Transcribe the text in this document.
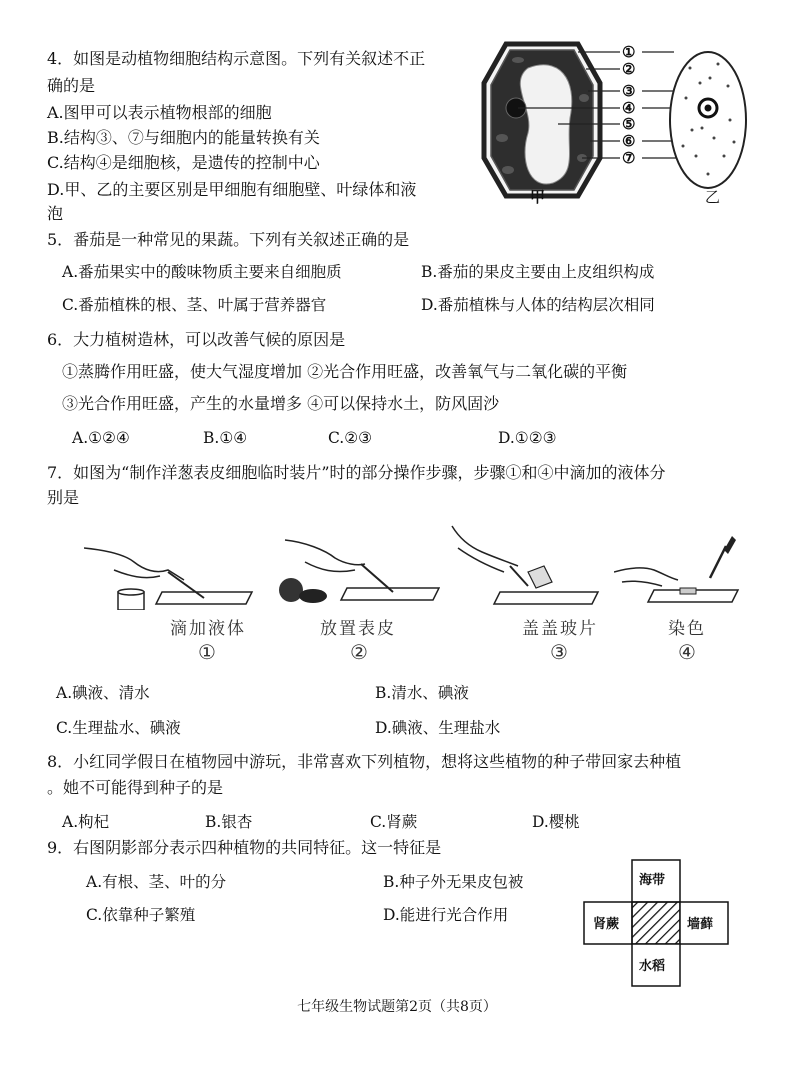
4．如图是动植物细胞结构示意图。下列有关叙述不正
确的是
A.图甲可以表示植物根部的细胞
B.结构③、⑦与细胞内的能量转换有关
C.结构④是细胞核，是遗传的控制中心
D.甲、乙的主要区别是甲细胞有细胞壁、叶绿体和液
泡
①
②
③
④
⑤
⑥
⑦
甲	乙
5．番茄是一种常见的果蔬。下列有关叙述正确的是
A.番茄果实中的酸味物质主要来自细胞质	B.番茄的果皮主要由上皮组织构成
C.番茄植株的根、茎、叶属于营养器官	D.番茄植株与人体的结构层次相同
6．大力植树造林，可以改善气候的原因是
①蒸腾作用旺盛，使大气湿度增加 ②光合作用旺盛，改善氧气与二氧化碳的平衡
③光合作用旺盛，产生的水量增多 ④可以保持水土，防风固沙
A.①②④	B.①④	C.②③	D.①②③
7．如图为“制作洋葱表皮细胞临时装片”时的部分操作步骤，步骤①和④中滴加的液体分
别是
滴加液体
①
放置表皮
②
盖盖玻片
③
染色
④
A.碘液、清水	B.清水、碘液
C.生理盐水、碘液	D.碘液、生理盐水
8．小红同学假日在植物园中游玩，非常喜欢下列植物，想将这些植物的种子带回家去种植
。她不可能得到种子的是
A.枸杞	B.银杏	C.肾蕨	D.樱桃
9．右图阴影部分表示四种植物的共同特征。这一特征是
A.有根、茎、叶的分	B.种子外无果皮包被
C.依靠种子繁殖	D.能进行光合作用
海带
肾蕨	墙藓
水稻
七年级生物试题第2页（共8页）
